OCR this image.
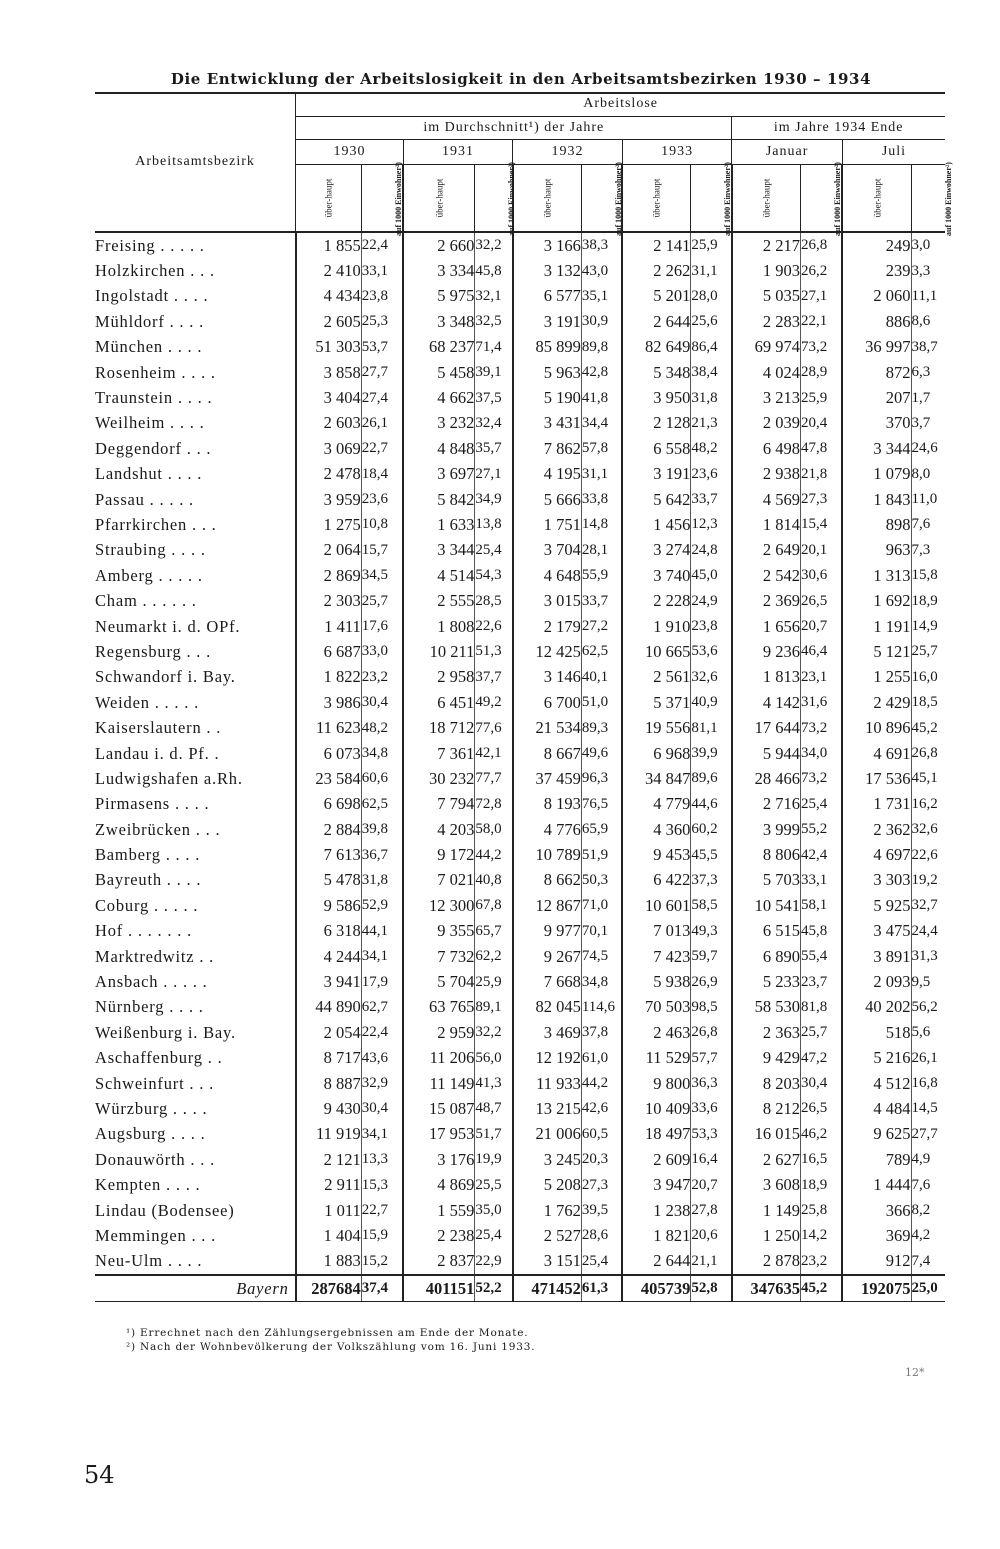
Die Entwicklung der Arbeitslosigkeit in den Arbeitsamtsbezirken 1930 – 1934
Arbeitsamtsbezirk	Arbeitslose											
	im Durchschnitt¹) der Jahre								im Jahre 1934 Ende			
	1930		1931		1932		1933		Januar		Juli	
	über-haupt	auf 1000 Einwohner²)	über-haupt	auf 1000 Einwohner²)	über-haupt	auf 1000 Einwohner²)	über-haupt	auf 1000 Einwohner²)	über-haupt	auf 1000 Einwohner²)	über-haupt	auf 1000 Einwohner²)
Freising . . . . .	1 855	22,4	2 660	32,2	3 166	38,3	2 141	25,9	2 217	26,8	249	3,0
Holzkirchen . . .	2 410	33,1	3 334	45,8	3 132	43,0	2 262	31,1	1 903	26,2	239	3,3
Ingolstadt . . . .	4 434	23,8	5 975	32,1	6 577	35,1	5 201	28,0	5 035	27,1	2 060	11,1
Mühldorf . . . .	2 605	25,3	3 348	32,5	3 191	30,9	2 644	25,6	2 283	22,1	886	8,6
München . . . .	51 303	53,7	68 237	71,4	85 899	89,8	82 649	86,4	69 974	73,2	36 997	38,7
Rosenheim . . . .	3 858	27,7	5 458	39,1	5 963	42,8	5 348	38,4	4 024	28,9	872	6,3
Traunstein . . . .	3 404	27,4	4 662	37,5	5 190	41,8	3 950	31,8	3 213	25,9	207	1,7
Weilheim . . . .	2 603	26,1	3 232	32,4	3 431	34,4	2 128	21,3	2 039	20,4	370	3,7
Deggendorf . . .	3 069	22,7	4 848	35,7	7 862	57,8	6 558	48,2	6 498	47,8	3 344	24,6
Landshut . . . .	2 478	18,4	3 697	27,1	4 195	31,1	3 191	23,6	2 938	21,8	1 079	8,0
Passau . . . . .	3 959	23,6	5 842	34,9	5 666	33,8	5 642	33,7	4 569	27,3	1 843	11,0
Pfarrkirchen . . .	1 275	10,8	1 633	13,8	1 751	14,8	1 456	12,3	1 814	15,4	898	7,6
Straubing . . . .	2 064	15,7	3 344	25,4	3 704	28,1	3 274	24,8	2 649	20,1	963	7,3
Amberg . . . . .	2 869	34,5	4 514	54,3	4 648	55,9	3 740	45,0	2 542	30,6	1 313	15,8
Cham . . . . . .	2 303	25,7	2 555	28,5	3 015	33,7	2 228	24,9	2 369	26,5	1 692	18,9
Neumarkt i. d. OPf.	1 411	17,6	1 808	22,6	2 179	27,2	1 910	23,8	1 656	20,7	1 191	14,9
Regensburg . . .	6 687	33,0	10 211	51,3	12 425	62,5	10 665	53,6	9 236	46,4	5 121	25,7
Schwandorf i. Bay.	1 822	23,2	2 958	37,7	3 146	40,1	2 561	32,6	1 813	23,1	1 255	16,0
Weiden . . . . .	3 986	30,4	6 451	49,2	6 700	51,0	5 371	40,9	4 142	31,6	2 429	18,5
Kaiserslautern . .	11 623	48,2	18 712	77,6	21 534	89,3	19 556	81,1	17 644	73,2	10 896	45,2
Landau i. d. Pf. .	6 073	34,8	7 361	42,1	8 667	49,6	6 968	39,9	5 944	34,0	4 691	26,8
Ludwigshafen a.Rh.	23 584	60,6	30 232	77,7	37 459	96,3	34 847	89,6	28 466	73,2	17 536	45,1
Pirmasens . . . .	6 698	62,5	7 794	72,8	8 193	76,5	4 779	44,6	2 716	25,4	1 731	16,2
Zweibrücken . . .	2 884	39,8	4 203	58,0	4 776	65,9	4 360	60,2	3 999	55,2	2 362	32,6
Bamberg . . . .	7 613	36,7	9 172	44,2	10 789	51,9	9 453	45,5	8 806	42,4	4 697	22,6
Bayreuth . . . .	5 478	31,8	7 021	40,8	8 662	50,3	6 422	37,3	5 703	33,1	3 303	19,2
Coburg . . . . .	9 586	52,9	12 300	67,8	12 867	71,0	10 601	58,5	10 541	58,1	5 925	32,7
Hof . . . . . . .	6 318	44,1	9 355	65,7	9 977	70,1	7 013	49,3	6 515	45,8	3 475	24,4
Marktredwitz . .	4 244	34,1	7 732	62,2	9 267	74,5	7 423	59,7	6 890	55,4	3 891	31,3
Ansbach . . . . .	3 941	17,9	5 704	25,9	7 668	34,8	5 938	26,9	5 233	23,7	2 093	9,5
Nürnberg . . . .	44 890	62,7	63 765	89,1	82 045	114,6	70 503	98,5	58 530	81,8	40 202	56,2
Weißenburg i. Bay.	2 054	22,4	2 959	32,2	3 469	37,8	2 463	26,8	2 363	25,7	518	5,6
Aschaffenburg . .	8 717	43,6	11 206	56,0	12 192	61,0	11 529	57,7	9 429	47,2	5 216	26,1
Schweinfurt . . .	8 887	32,9	11 149	41,3	11 933	44,2	9 800	36,3	8 203	30,4	4 512	16,8
Würzburg . . . .	9 430	30,4	15 087	48,7	13 215	42,6	10 409	33,6	8 212	26,5	4 484	14,5
Augsburg . . . .	11 919	34,1	17 953	51,7	21 006	60,5	18 497	53,3	16 015	46,2	9 625	27,7
Donauwörth . . .	2 121	13,3	3 176	19,9	3 245	20,3	2 609	16,4	2 627	16,5	789	4,9
Kempten . . . .	2 911	15,3	4 869	25,5	5 208	27,3	3 947	20,7	3 608	18,9	1 444	7,6
Lindau (Bodensee)	1 011	22,7	1 559	35,0	1 762	39,5	1 238	27,8	1 149	25,8	366	8,2
Memmingen . . .	1 404	15,9	2 238	25,4	2 527	28,6	1 821	20,6	1 250	14,2	369	4,2
Neu-Ulm . . . .	1 883	15,2	2 837	22,9	3 151	25,4	2 644	21,1	2 878	23,2	912	7,4
Bayern	287684	37,4	401151	52,2	471452	61,3	405739	52,8	347635	45,2	192075	25,0
¹) Errechnet nach den Zählungsergebnissen am Ende der Monate.
²) Nach der Wohnbevölkerung der Volkszählung vom 16. Juni 1933.
12*
54
